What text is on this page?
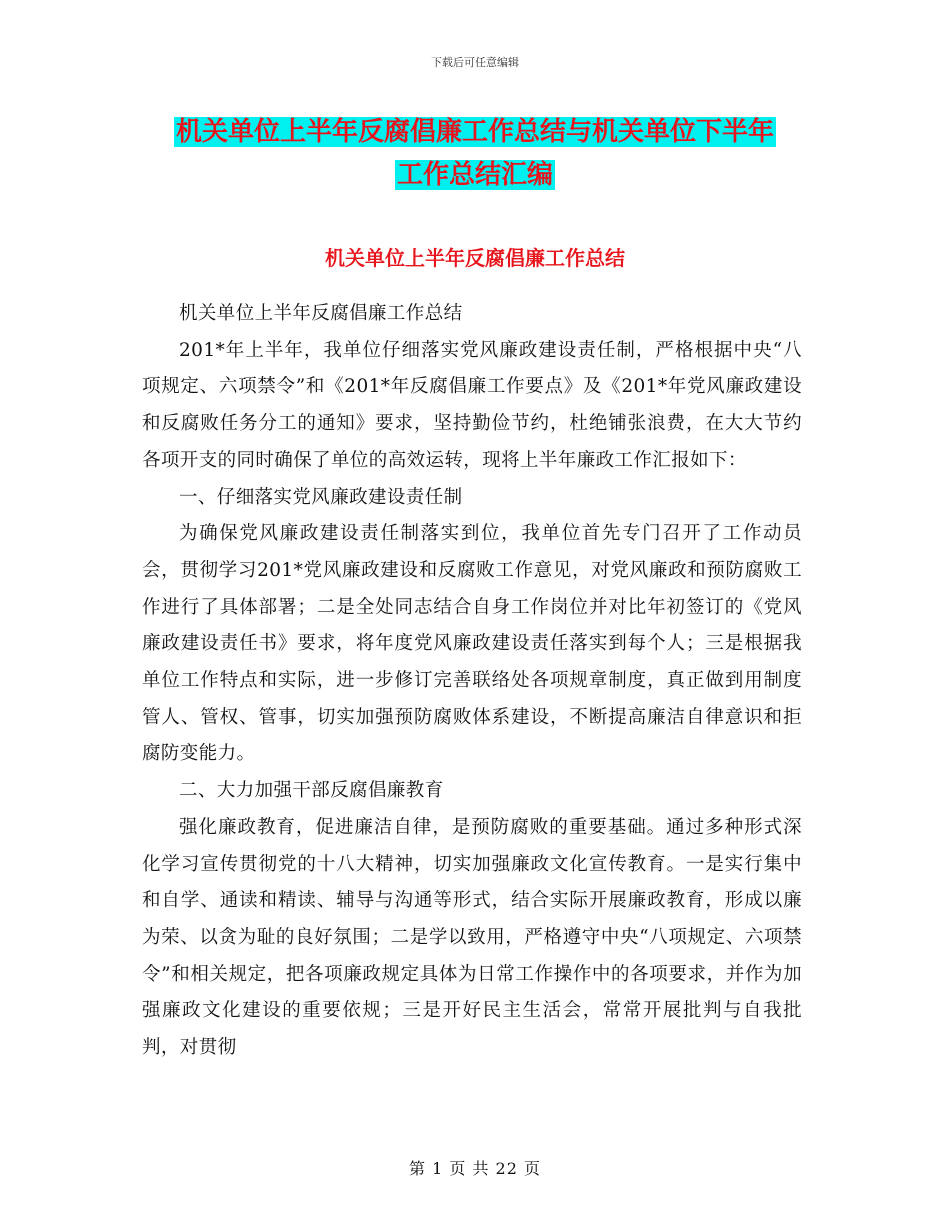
下载后可任意编辑
机关单位上半年反腐倡廉工作总结与机关单位下半年
工作总结汇编
机关单位上半年反腐倡廉工作总结

机关单位上半年反腐倡廉工作总结

201*年上半年，我单位仔细落实党风廉政建设责任制，严格根据中央“八项规定、六项禁令”和《201*年反腐倡廉工作要点》及《201*年党风廉政建设和反腐败任务分工的通知》要求，坚持勤俭节约，杜绝铺张浪费，在大大节约各项开支的同时确保了单位的高效运转，现将上半年廉政工作汇报如下：

一、仔细落实党风廉政建设责任制

为确保党风廉政建设责任制落实到位，我单位首先专门召开了工作动员会，贯彻学习201*党风廉政建设和反腐败工作意见，对党风廉政和预防腐败工作进行了具体部署；二是全处同志结合自身工作岗位并对比年初签订的《党风廉政建设责任书》要求，将年度党风廉政建设责任落实到每个人；三是根据我单位工作特点和实际，进一步修订完善联络处各项规章制度，真正做到用制度管人、管权、管事，切实加强预防腐败体系建设，不断提高廉洁自律意识和拒腐防变能力。

二、大力加强干部反腐倡廉教育

强化廉政教育，促进廉洁自律，是预防腐败的重要基础。通过多种形式深化学习宣传贯彻党的十八大精神，切实加强廉政文化宣传教育。一是实行集中和自学、通读和精读、辅导与沟通等形式，结合实际开展廉政教育，形成以廉为荣、以贪为耻的良好氛围；二是学以致用，严格遵守中央“八项规定、六项禁令”和相关规定，把各项廉政规定具体为日常工作操作中的各项要求，并作为加强廉政文化建设的重要依规；三是开好民主生活会，常常开展批判与自我批判，对贯彻

第 1 页 共 22 页
